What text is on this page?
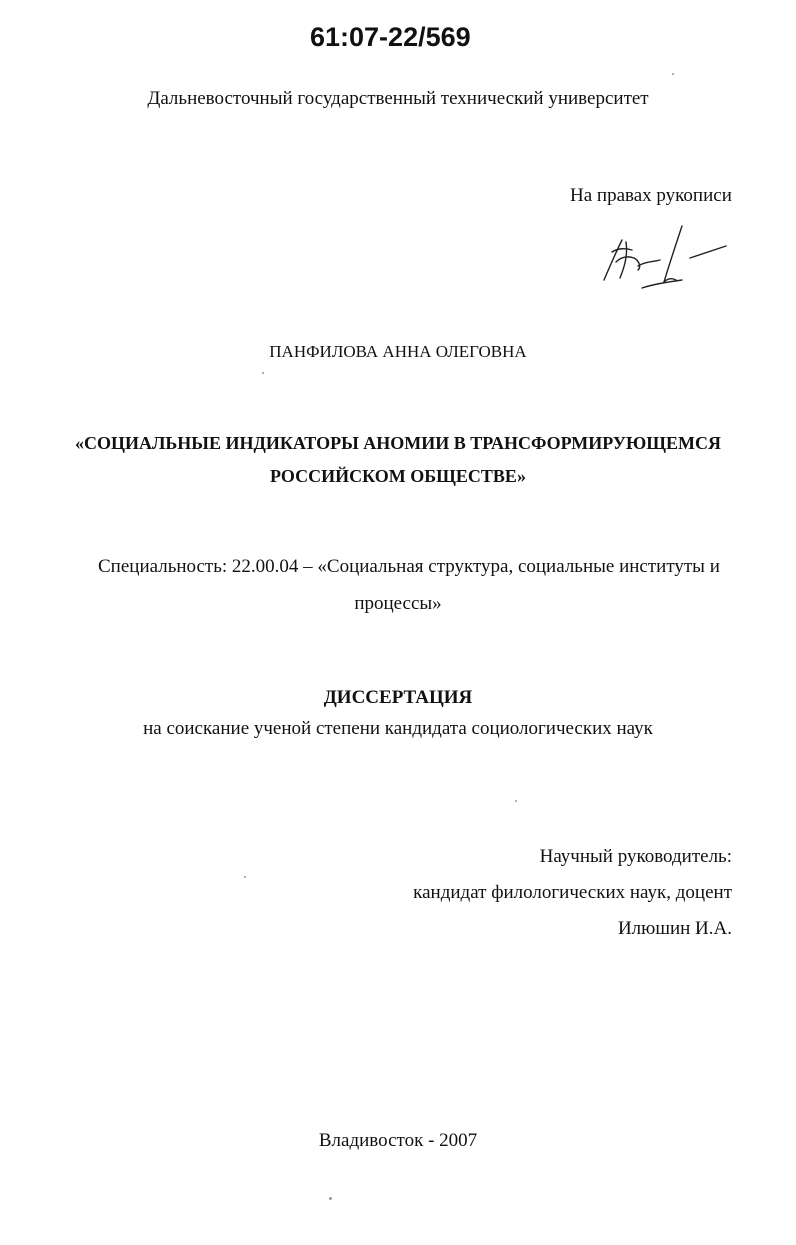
61:07-22/569
Дальневосточный государственный технический университет
На правах рукописи
ПАНФИЛОВА АННА ОЛЕГОВНА
«СОЦИАЛЬНЫЕ ИНДИКАТОРЫ АНОМИИ В ТРАНСФОРМИРУЮЩЕМСЯ
РОССИЙСКОМ ОБЩЕСТВЕ»
Специальность: 22.00.04 – «Социальная структура, социальные институты и
процессы»
ДИССЕРТАЦИЯ
на соискание ученой степени кандидата социологических наук
Научный руководитель:
кандидат филологических наук, доцент
Илюшин И.А.
Владивосток - 2007
